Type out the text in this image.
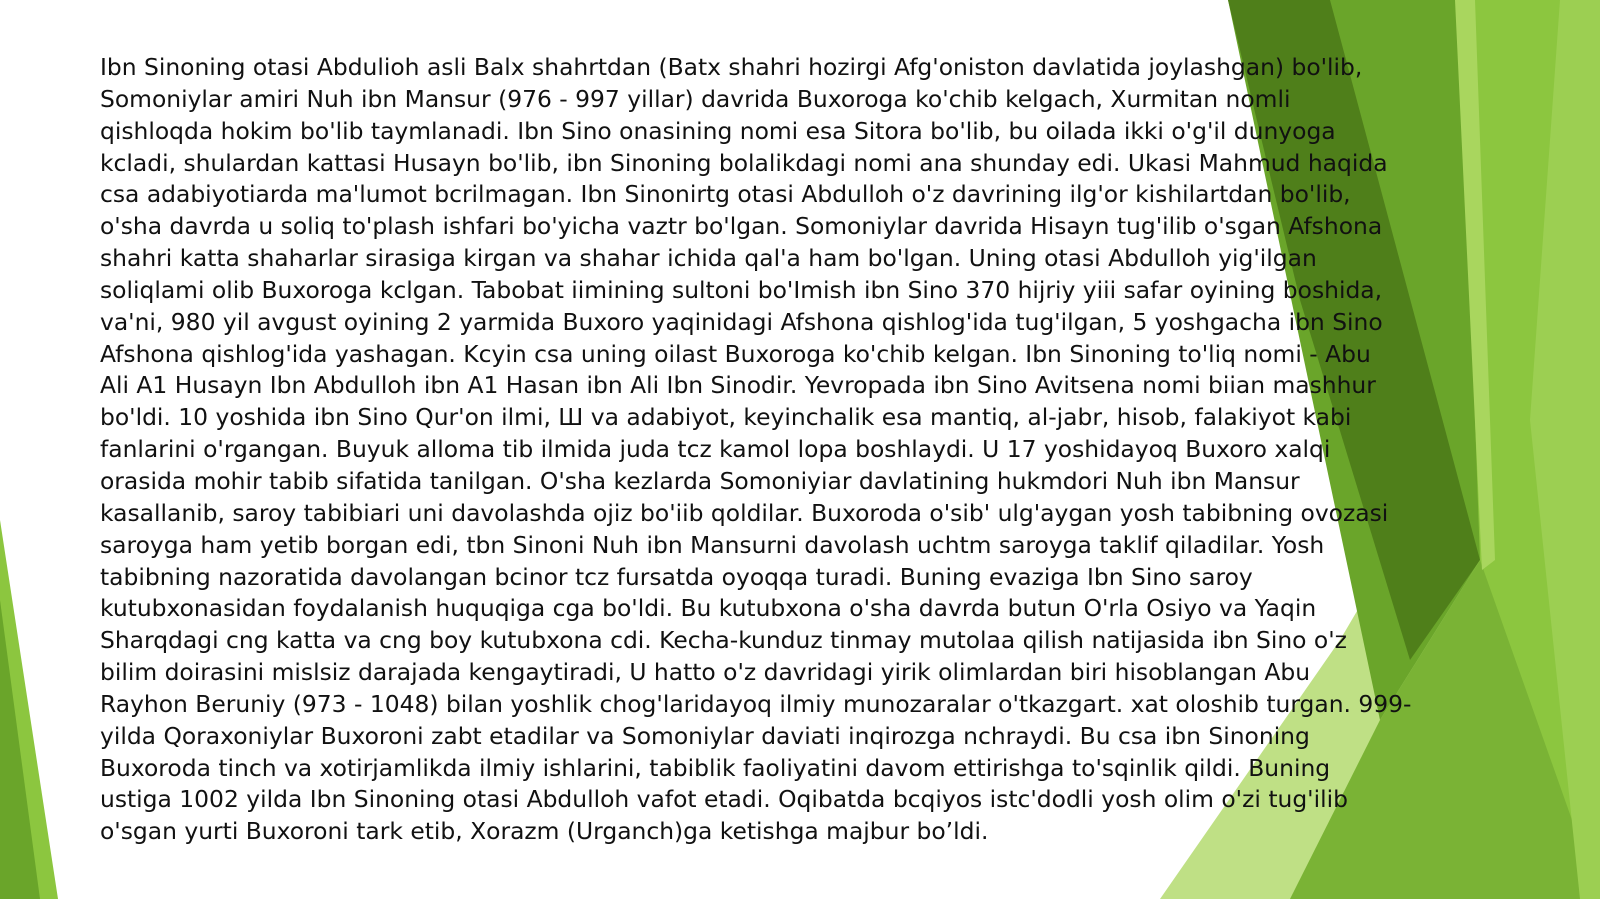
Ibn Sinoning otasi Abdulioh asli Balx shahrtdan (Batx shahri hozirgi Afg'oniston davlatida joylashgan) bo'lib,
Somoniylar amiri Nuh ibn Mansur (976 - 997 yillar) davrida Buxoroga ko'chib kelgach, Xurmitan nomli
qishloqda hokim bo'lib taymlanadi. Ibn Sino onasining nomi esa Sitora bo'lib, bu oilada ikki o'g'il dunyoga
kcladi, shulardan kattasi Husayn bo'lib, ibn Sinoning bolalikdagi nomi ana shunday edi. Ukasi Mahmud haqida
csa adabiyotiarda ma'lumot bcrilmagan. Ibn Sinonirtg otasi Abdulloh o'z davrining ilg'or kishilartdan bo'lib,
o'sha davrda u soliq to'plash ishfari bo'yicha vaztr bo'lgan. Somoniylar davrida Hisayn tug'ilib o'sgan Afshona
shahri katta shaharlar sirasiga kirgan va shahar ichida qal'a ham bo'lgan. Uning otasi Abdulloh yig'ilgan
soliqlami olib Buxoroga kclgan. Tabobat iimining sultoni bo'Imish ibn Sino 370 hijriy yiii safar oyining boshida,
va'ni, 980 yil avgust oyining 2 yarmida Buxoro yaqinidagi Afshona qishlog'ida tug'ilgan, 5 yoshgacha ibn Sino
Afshona qishlog'ida yashagan. Kcyin csa uning oilast Buxoroga ko'chib kelgan. Ibn Sinoning to'liq nomi - Abu
Ali A1 Husayn Ibn Abdulloh ibn A1 Hasan ibn Ali Ibn Sinodir. Yevropada ibn Sino Avitsena nomi biian mashhur
bo'ldi. 10 yoshida ibn Sino Qur'on ilmi, Ш va adabiyot, keyinchalik esa mantiq, al-jabr, hisob, falakiyot kabi
fanlarini o'rgangan. Buyuk alloma tib ilmida juda tcz kamol lopa boshlaydi. U 17 yoshidayoq Buxoro xalqi
orasida mohir tabib sifatida tanilgan. O'sha kezlarda Somoniyiar davlatining hukmdori Nuh ibn Mansur
kasallanib, saroy tabibiari uni davolashda ojiz bo'iib qoldilar. Buxoroda o'sib' ulg'aygan yosh tabibning ovozasi
saroyga ham yetib borgan edi, tbn Sinoni Nuh ibn Mansurni davolash uchtm saroyga taklif qiladilar. Yosh
tabibning nazoratida davolangan bcinor tcz fursatda oyoqqa turadi. Buning evaziga Ibn Sino saroy
kutubxonasidan foydalanish huquqiga cga bo'ldi. Bu kutubxona o'sha davrda butun O'rla Osiyo va Yaqin
Sharqdagi cng katta va cng boy kutubxona cdi. Kecha-kunduz tinmay mutolaa qilish natijasida ibn Sino o'z
bilim doirasini mislsiz darajada kengaytiradi, U hatto o'z davridagi yirik olimlardan biri hisoblangan Abu
Rayhon Beruniy (973 - 1048) bilan yoshlik chog'laridayoq ilmiy munozaralar o'tkazgart. xat oloshib turgan. 999-
yilda Qoraxoniylar Buxoroni zabt etadilar va Somoniylar daviati inqirozga nchraydi. Bu csa ibn Sinoning
Buxoroda tinch va xotirjamlikda ilmiy ishlarini, tabiblik faoliyatini davom ettirishga to'sqinlik qildi. Buning
ustiga 1002 yilda Ibn Sinoning otasi Abdulloh vafot etadi. Oqibatda bcqiyos istc'dodli yosh olim o'zi tug'ilib
o'sgan yurti Buxoroni tark etib, Xorazm (Urganch)ga ketishga majbur bo’ldi.
